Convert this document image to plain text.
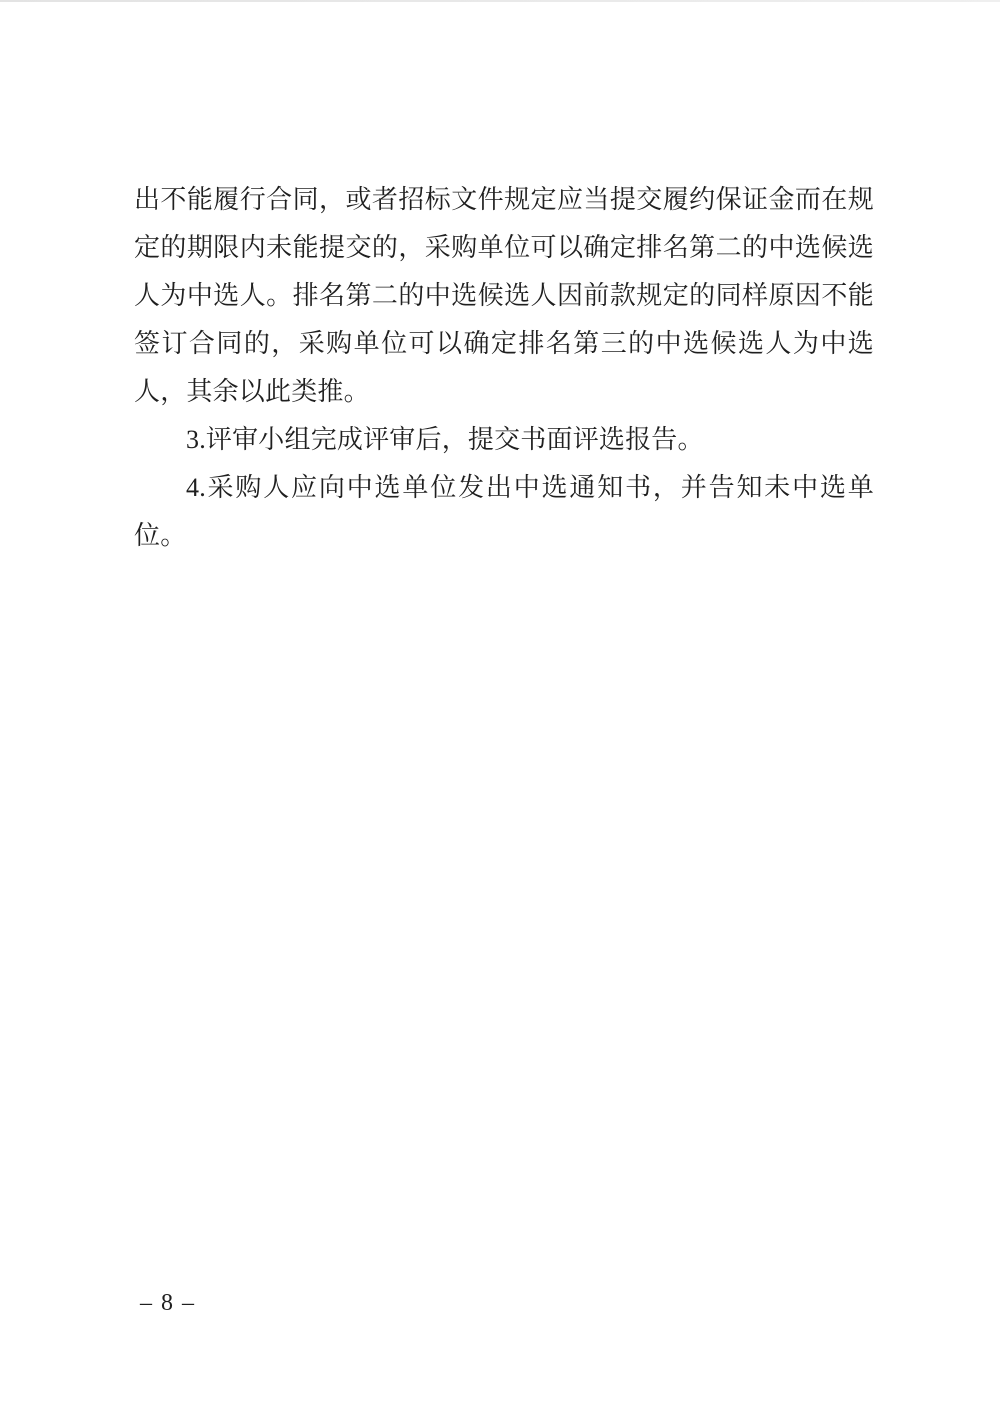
出不能履行合同，或者招标文件规定应当提交履约保证金而在规
定的期限内未能提交的，采购单位可以确定排名第二的中选候选
人为中选人。排名第二的中选候选人因前款规定的同样原因不能
签订合同的，采购单位可以确定排名第三的中选候选人为中选
人，其余以此类推。
3.评审小组完成评审后，提交书面评选报告。
4.采购人应向中选单位发出中选通知书，并告知未中选单
位。
– 8 –
